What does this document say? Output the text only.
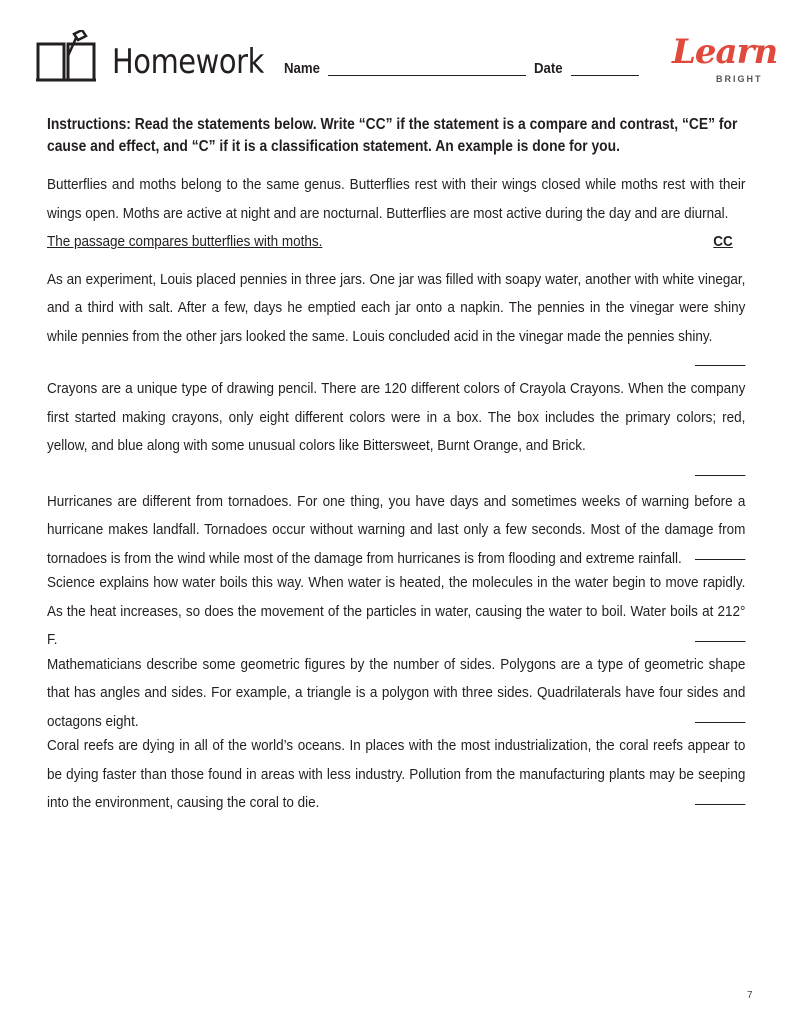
Homework Name	Date	Learn
BRIGHT

Instructions: Read the statements below. Write “CC” if the statement is a compare and contrast, “CE” for cause and effect, and “C” if it is a classification statement. An example is done for you.

Butterflies and moths belong to the same genus. Butterflies rest with their wings closed while moths rest with their wings open. Moths are active at night and are nocturnal. Butterflies are most active during the day and are diurnal.
The passage compares butterflies with moths.	CC
As an experiment, Louis placed pennies in three jars. One jar was filled with soapy water, another with white vinegar, and a third with salt. After a few, days he emptied each jar onto a napkin. The pennies in the vinegar were shiny while pennies from the other jars looked the same. Louis concluded acid in the vinegar made the pennies shiny.
Crayons are a unique type of drawing pencil. There are 120 different colors of Crayola Crayons. When the company first started making crayons, only eight different colors were in a box. The box includes the primary colors; red, yellow, and blue along with some unusual colors like Bittersweet, Burnt Orange, and Brick.
Hurricanes are different from tornadoes. For one thing, you have days and sometimes weeks of warning before a hurricane makes landfall. Tornadoes occur without warning and last only a few seconds. Most of the damage from tornadoes is from the wind while most of the damage from hurricanes is from flooding and extreme rainfall.
Science explains how water boils this way. When water is heated, the molecules in the water begin to move rapidly. As the heat increases, so does the movement of the particles in water, causing the water to boil. Water boils at 212° F.
Mathematicians describe some geometric figures by the number of sides. Polygons are a type of geometric shape that has angles and sides. For example, a triangle is a polygon with three sides. Quadrilaterals have four sides and octagons eight.
Coral reefs are dying in all of the world’s oceans. In places with the most industrialization, the coral reefs appear to be dying faster than those found in areas with less industry. Pollution from the manufacturing plants may be seeping into the environment, causing the coral to die.
7
